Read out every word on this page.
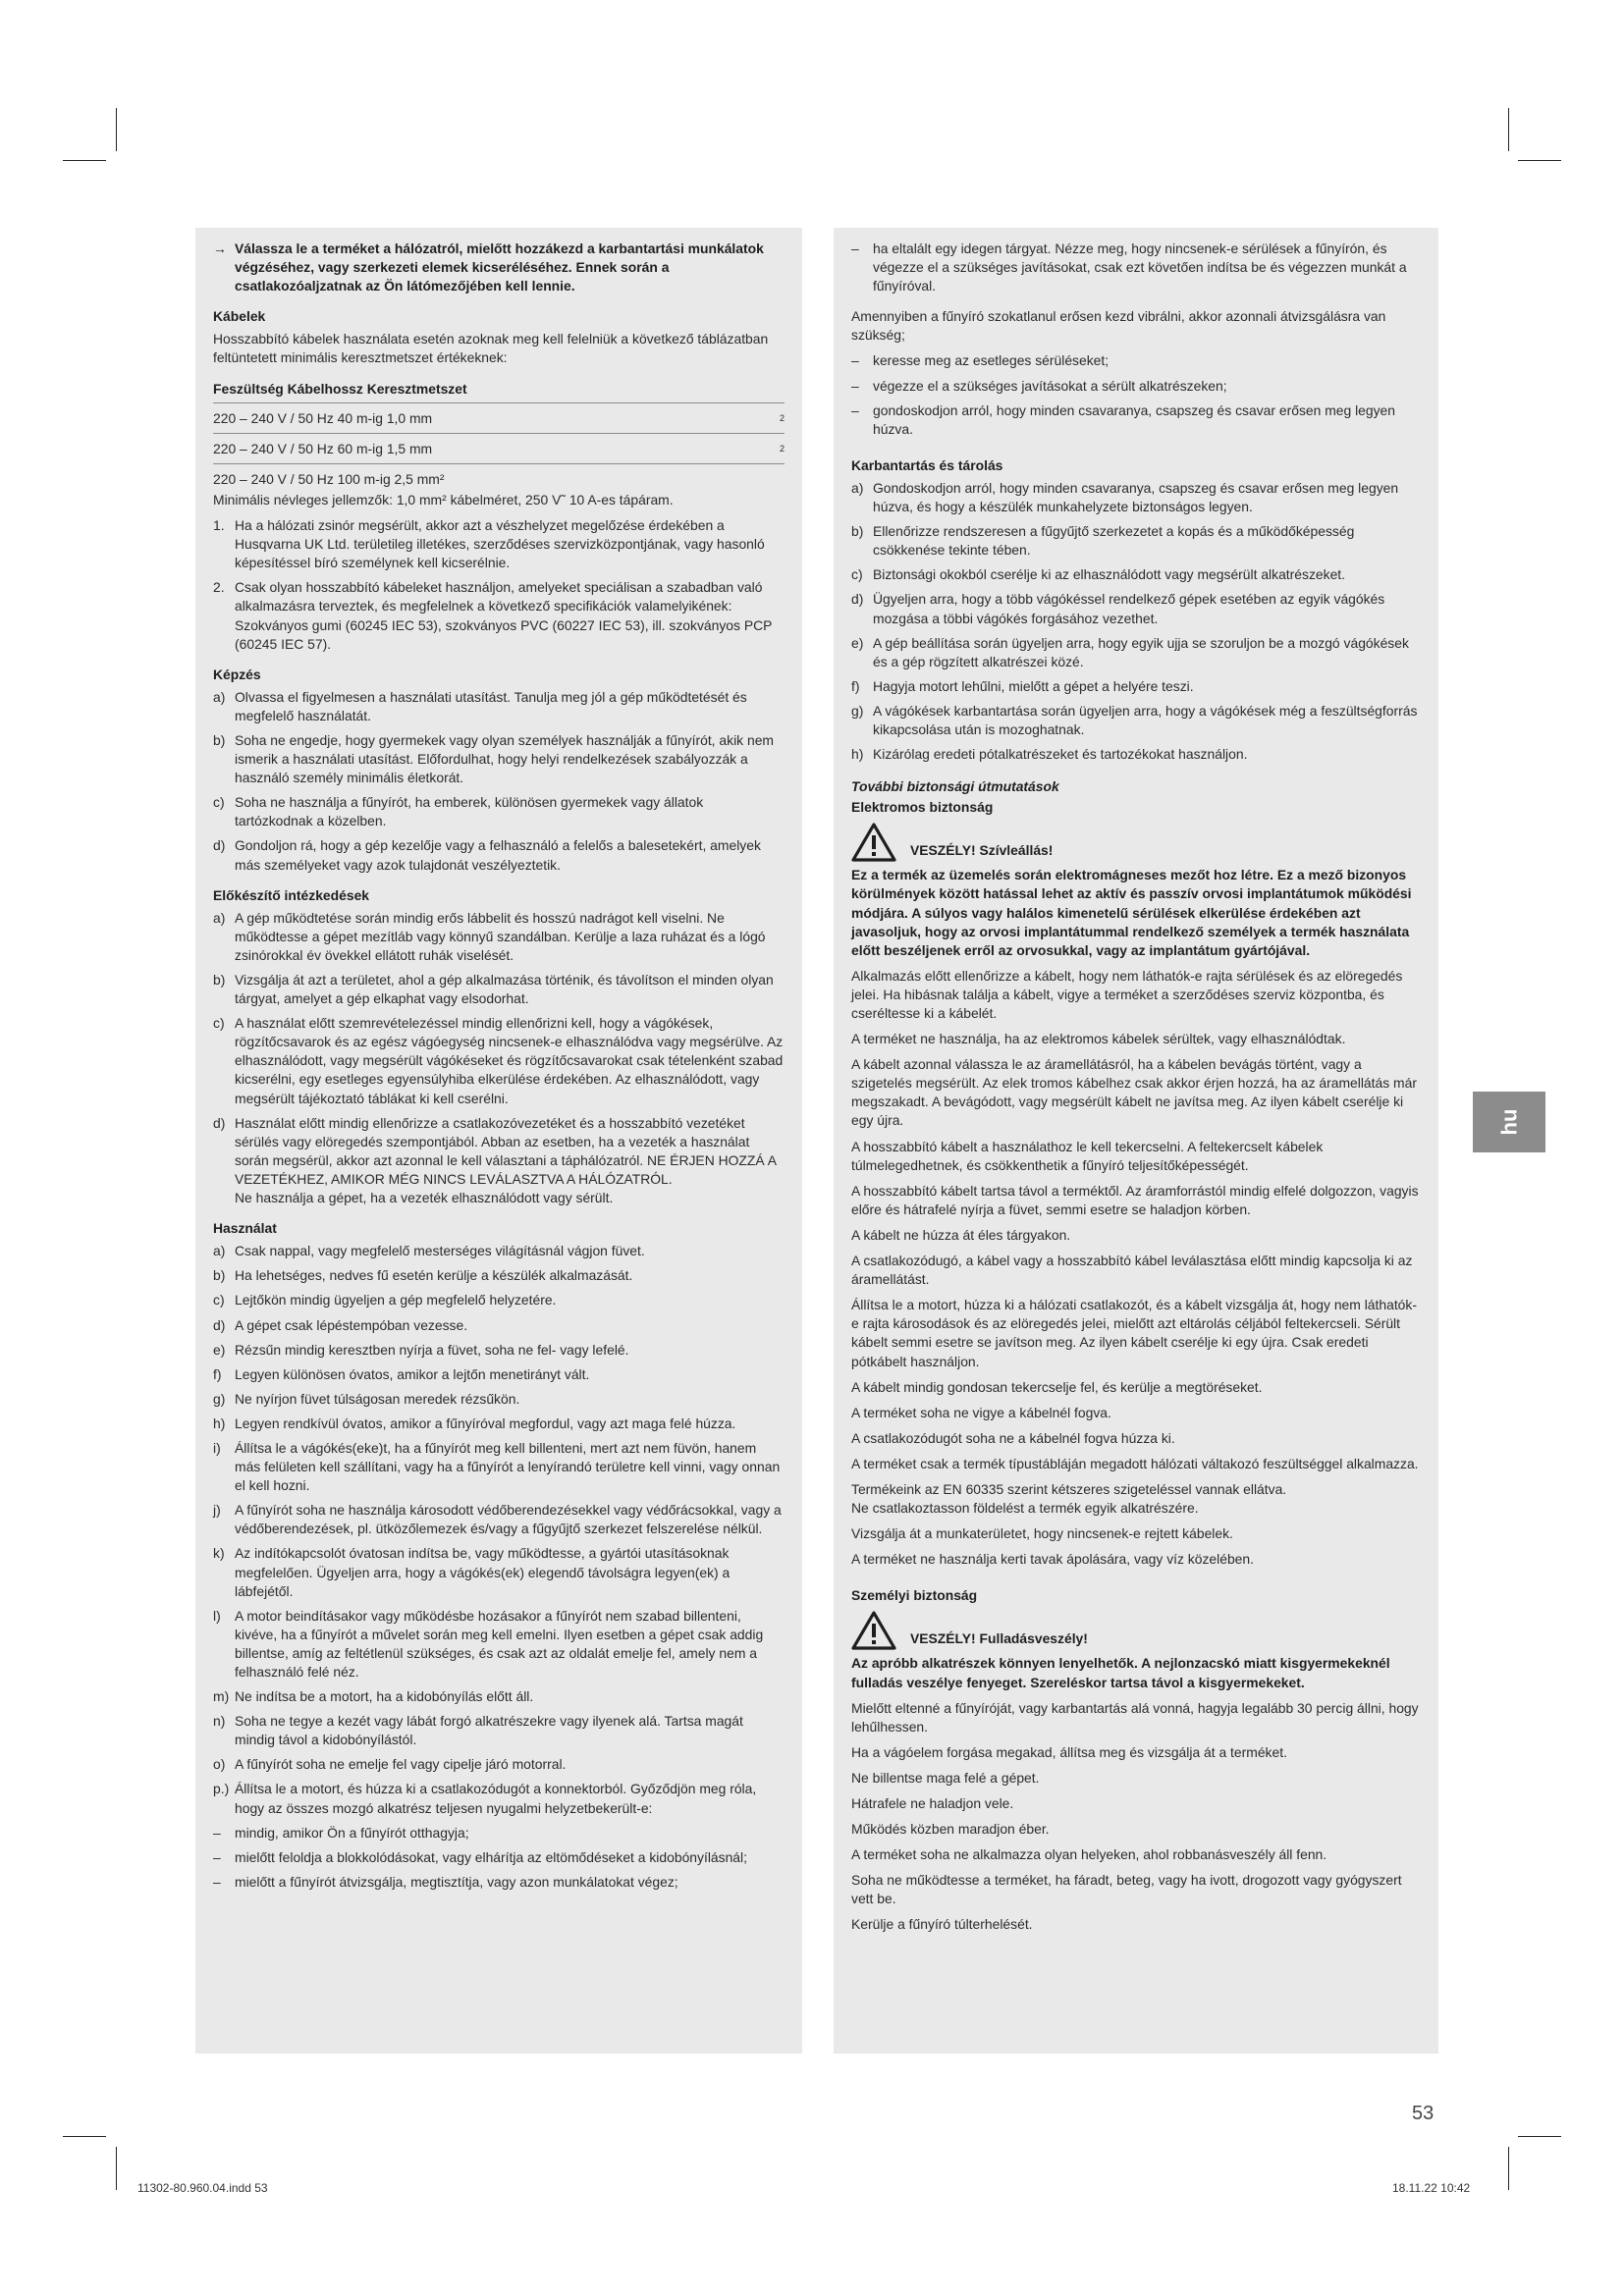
→ Válassza le a terméket a hálózatról, mielőtt hozzákezd a karbantartási munkálatok végzéséhez, vagy szerkezeti elemek kicseréléséhez. Ennek során a csatlakozóaljzatnak az Ön látómezőjében kell lennie.
Kábelek
Hosszabbító kábelek használata esetén azoknak meg kell felelniük a következő táblázatban feltüntetett minimális keresztmetszet értékeknek:
Feszültség Kábelhossz Keresztmetszet
220 – 240 V / 50 Hz 40 m-ig 1,0 mm	2
220 – 240 V / 50 Hz 60 m-ig 1,5 mm	2
220 – 240 V / 50 Hz 100 m-ig 2,5 mm²
Minimális névleges jellemzők: 1,0 mm² kábelméret, 250 V˜ 10 A-es tápáram.
1. Ha a hálózati zsinór megsérült, akkor azt a vészhelyzet megelőzése érdekében a Husqvarna UK Ltd. területileg illetékes, szerződéses szervizközpontjának, vagy hasonló képesítéssel bíró személynek kell kicserélnie.
2. Csak olyan hosszabbító kábeleket használjon, amelyeket speciálisan a szabadban való alkalmazásra terveztek, és megfelelnek a következő specifikációk valamelyikének: Szokványos gumi (60245 IEC 53), szokványos PVC (60227 IEC 53), ill. szokványos PCP (60245 IEC 57).
Képzés
a) Olvassa el figyelmesen a használati utasítást. Tanulja meg jól a gép működtetését és megfelelő használatát.
b) Soha ne engedje, hogy gyermekek vagy olyan személyek használják a fűnyírót, akik nem ismerik a használati utasítást. Előfordulhat, hogy helyi rendelkezések szabályozzák a használó személy minimális életkorát.
c) Soha ne használja a fűnyírót, ha emberek, különösen gyermekek vagy állatok tartózkodnak a közelben.
d) Gondoljon rá, hogy a gép kezelője vagy a felhasználó a felelős a balesetekért, amelyek más személyeket vagy azok tulajdonát veszélyeztetik.
Előkészítő intézkedések
a) A gép működtetése során mindig erős lábbelit és hosszú nadrágot kell viselni. Ne működtesse a gépet mezítláb vagy könnyű szandálban. Kerülje a laza ruházat és a lógó zsinórokkal év övekkel ellátott ruhák viselését.
b) Vizsgálja át azt a területet, ahol a gép alkalmazása történik, és távolítson el minden olyan tárgyat, amelyet a gép elkaphat vagy elsodorhat.
c) A használat előtt szemrevételezéssel mindig ellenőrizni kell, hogy a vágókések, rögzítőcsavarok és az egész vágóegység nincsenek-e elhasználódva vagy megsérülve. Az elhasználódott, vagy megsérült vágókéseket és rögzítőcsavarokat csak tételenként szabad kicserélni, egy esetleges egyensúlyhiba elkerülése érdekében. Az elhasználódott, vagy megsérült tájékoztató táblákat ki kell cserélni.
d) Használat előtt mindig ellenőrizze a csatlakozóvezetéket és a hosszabbító vezetéket sérülés vagy elöregedés szempontjából. Abban az esetben, ha a vezeték a használat során megsérül, akkor azt azonnal le kell választani a táphálózatról. NE ÉRJEN HOZZÁ A VEZETÉKHEZ, AMIKOR MÉG NINCS LEVÁLASZTVA A HÁLÓZATRÓL.
Ne használja a gépet, ha a vezeték elhasználódott vagy sérült.
Használat
a) Csak nappal, vagy megfelelő mesterséges világításnál vágjon füvet.
b) Ha lehetséges, nedves fű esetén kerülje a készülék alkalmazását.
c) Lejtőkön mindig ügyeljen a gép megfelelő helyzetére.
d) A gépet csak lépéstempóban vezesse.
e) Rézsűn mindig keresztben nyírja a füvet, soha ne fel- vagy lefelé.
f) Legyen különösen óvatos, amikor a lejtőn menetirányt vált.
g) Ne nyírjon füvet túlságosan meredek rézsűkön.
h) Legyen rendkívül óvatos, amikor a fűnyíróval megfordul, vagy azt maga felé húzza.
i)	Állítsa le a vágókés(eke)t, ha a fűnyírót meg kell billenteni, mert azt nem füvön, hanem más felületen kell szállítani, vagy ha a fűnyírót a lenyírandó területre kell vinni, vagy onnan el kell hozni.
j)	A fűnyírót soha ne használja károsodott védőberendezésekkel vagy védőrácsokkal, vagy a védőberendezések, pl. ütközőlemezek és/vagy a fűgyűjtő szerkezet felszerelése nélkül.
k) Az indítókapcsolót óvatosan indítsa be, vagy működtesse, a gyártói utasításoknak megfelelően. Ügyeljen arra, hogy a vágókés(ek) elegendő távolságra legyen(ek) a lábfejétől.
l)	A motor beindításakor vagy működésbe hozásakor a fűnyírót nem szabad billenteni, kivéve, ha a fűnyírót a művelet során meg kell emelni. Ilyen esetben a gépet csak addig billentse, amíg az feltétlenül szükséges, és csak azt az oldalát emelje fel, amely nem a felhasználó felé néz.
m) Ne indítsa be a motort, ha a kidobónyílás előtt áll.
n) Soha ne tegye a kezét vagy lábát forgó alkatrészekre vagy ilyenek alá. Tartsa magát mindig távol a kidobónyílástól.
o) A fűnyírót soha ne emelje fel vagy cipelje járó motorral.
p.) Állítsa le a motort, és húzza ki a csatlakozódugót a konnektorból. Győződjön meg róla, hogy az összes mozgó alkatrész teljesen nyugalmi helyzetbekerült-e:
–	mindig, amikor Ön a fűnyírót otthagyja;
–	mielőtt feloldja a blokkolódásokat, vagy elhárítja az eltömődéseket a kidobónyílásnál;
–	mielőtt a fűnyírót átvizsgálja, megtisztítja, vagy azon munkálatokat végez;
–	ha eltalált egy idegen tárgyat. Nézze meg, hogy nincsenek-e sérülések a fűnyírón, és végezze el a szükséges javításokat, csak ezt követően indítsa be és végezzen munkát a fűnyíróval.
Amennyiben a fűnyíró szokatlanul erősen kezd vibrálni, akkor azonnali átvizsgálásra van szükség;
–	keresse meg az esetleges sérüléseket;
–	végezze el a szükséges javításokat a sérült alkatrészeken;
–	gondoskodjon arról, hogy minden csavaranya, csapszeg és csavar erősen meg legyen húzva.
Karbantartás és tárolás
a) Gondoskodjon arról, hogy minden csavaranya, csapszeg és csavar erősen meg legyen húzva, és hogy a készülék munkahelyzete biztonságos legyen.
b) Ellenőrizze rendszeresen a fűgyűjtő szerkezetet a kopás és a működőképesség csökkenése tekinte tében.
c) Biztonsági okokból cserélje ki az elhasználódott vagy megsérült alkatrészeket.
d) Ügyeljen arra, hogy a több vágókéssel rendelkező gépek esetében az egyik vágókés mozgása a többi vágókés forgásához vezethet.
e) A gép beállítása során ügyeljen arra, hogy egyik ujja se szoruljon be a mozgó vágókések és a gép rögzített alkatrészei közé.
f) Hagyja motort lehűlni, mielőtt a gépet a helyére teszi.
g) A vágókések karbantartása során ügyeljen arra, hogy a vágókések még a feszültségforrás kikapcsolása után is mozoghatnak.
h) Kizárólag eredeti pótalkatrészeket és tartozékokat használjon.
További biztonsági útmutatások
Elektromos biztonság
VESZÉLY! Szívleállás!
Ez a termék az üzemelés során elektromágneses mezőt hoz létre. Ez a mező bizonyos körülmények között hatással lehet az aktív és passzív orvosi implantátumok működési módjára. A súlyos vagy halálos kimenetelű sérülések elkerülése érdekében azt javasoljuk, hogy az orvosi implantátummal rendelkező személyek a termék használata előtt beszéljenek erről az orvosukkal, vagy az implantátum gyártójával.
Alkalmazás előtt ellenőrizze a kábelt, hogy nem láthatók-e rajta sérülések és az elöregedés jelei. Ha hibásnak találja a kábelt, vigye a terméket a szerződéses szerviz központba, és cseréltesse ki a kábelét.
A terméket ne használja, ha az elektromos kábelek sérültek, vagy elhasználódtak.
A kábelt azonnal válassza le az áramellátásról, ha a kábelen bevágás történt, vagy a szigetelés megsérült. Az elek tromos kábelhez csak akkor érjen hozzá, ha az áramellátás már megszakadt. A bevágódott, vagy megsérült kábelt ne javítsa meg. Az ilyen kábelt cserélje ki egy újra.
A hosszabbító kábelt a használathoz le kell tekercselni. A feltekercselt kábelek túlmelegedhetnek, és csökkenthetik a fűnyíró teljesítőképességét.
A hosszabbító kábelt tartsa távol a terméktől. Az áramforrástól mindig elfelé dolgozzon, vagyis előre és hátrafelé nyírja a füvet, semmi esetre se haladjon körben.
A kábelt ne húzza át éles tárgyakon.
A csatlakozódugó, a kábel vagy a hosszabbító kábel leválasztása előtt mindig kapcsolja ki az áramellátást.
Állítsa le a motort, húzza ki a hálózati csatlakozót, és a kábelt vizsgálja át, hogy nem láthatók-e rajta károsodások és az elöregedés jelei, mielőtt azt eltárolás céljából feltekercseli. Sérült kábelt semmi esetre se javítson meg. Az ilyen kábelt cserélje ki egy újra. Csak eredeti pótkábelt használjon.
A kábelt mindig gondosan tekercselje fel, és kerülje a megtöréseket.
A terméket soha ne vigye a kábelnél fogva.
A csatlakozódugót soha ne a kábelnél fogva húzza ki.
A terméket csak a termék típustábláján megadott hálózati váltakozó feszültséggel alkalmazza.
Termékeink az EN 60335 szerint kétszeres szigeteléssel vannak ellátva.
Ne csatlakoztasson földelést a termék egyik alkatrészére.
Vizsgálja át a munkaterületet, hogy nincsenek-e rejtett kábelek.
A terméket ne használja kerti tavak ápolására, vagy víz közelében.
Személyi biztonság
VESZÉLY! Fulladásveszély!
Az apróbb alkatrészek könnyen lenyelhetők. A nejlonzacskó miatt kisgyermekeknél fulladás veszélye fenyeget. Szereléskor tartsa távol a kisgyermekeket.
Mielőtt eltenné a fűnyíróját, vagy karbantartás alá vonná, hagyja legalább 30 percig állni, hogy lehűlhessen.
Ha a vágóelem forgása megakad, állítsa meg és vizsgálja át a terméket.
Ne billentse maga felé a gépet.
Hátrafele ne haladjon vele.
Működés közben maradjon éber.
A terméket soha ne alkalmazza olyan helyeken, ahol robbanásveszély áll fenn.
Soha ne működtesse a terméket, ha fáradt, beteg, vagy ha ivott, drogozott vagy gyógyszert vett be.
Kerülje a fűnyíró túlterhelését.
hu
53
11302-80.960.04.indd 53	18.11.22 10:42
